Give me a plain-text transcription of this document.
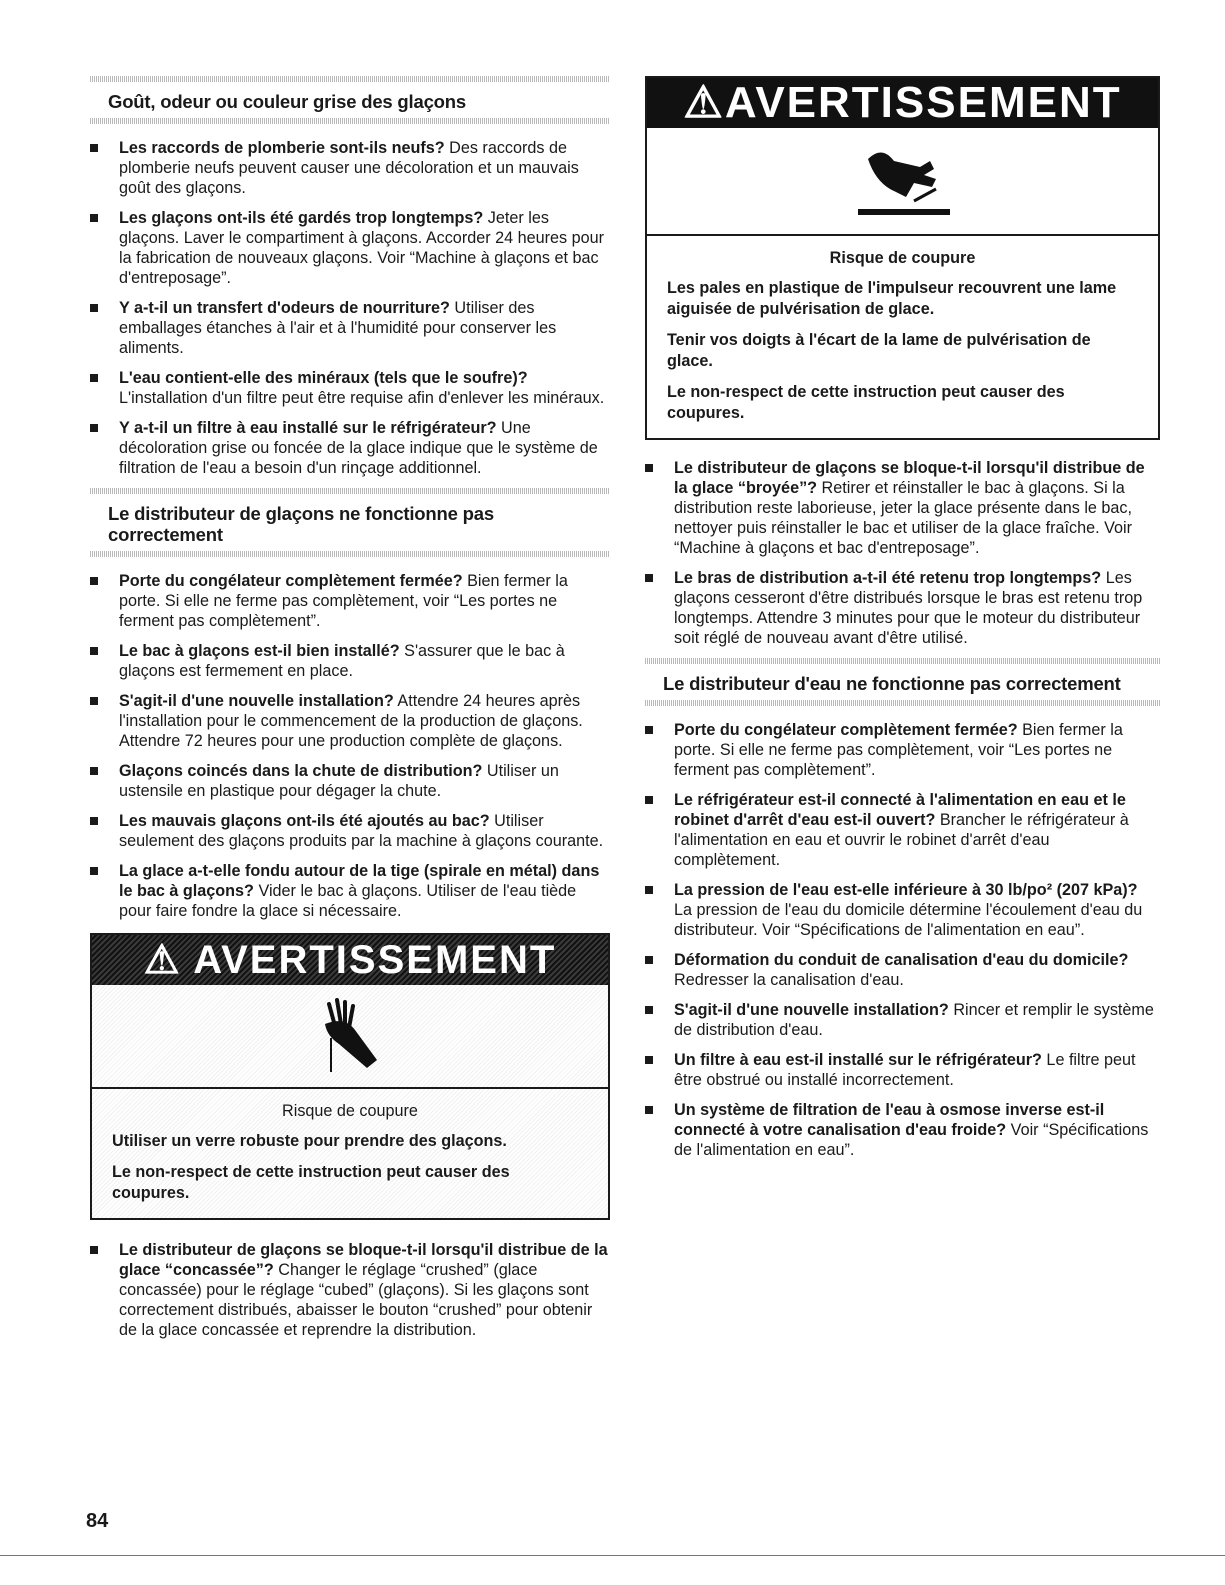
Goût, odeur ou couleur grise des glaçons
Les raccords de plomberie sont-ils neufs? Des raccords de plomberie neufs peuvent causer une décoloration et un mauvais goût des glaçons.
Les glaçons ont-ils été gardés trop longtemps? Jeter les glaçons. Laver le compartiment à glaçons. Accorder 24 heures pour la fabrication de nouveaux glaçons. Voir “Machine à glaçons et bac d'entreposage”.
Y a-t-il un transfert d'odeurs de nourriture? Utiliser des emballages étanches à l'air et à l'humidité pour conserver les aliments.
L'eau contient-elle des minéraux (tels que le soufre)? L'installation d'un filtre peut être requise afin d'enlever les minéraux.
Y a-t-il un filtre à eau installé sur le réfrigérateur? Une décoloration grise ou foncée de la glace indique que le système de filtration de l'eau a besoin d'un rinçage additionnel.
Le distributeur de glaçons ne fonctionne pas correctement
Porte du congélateur complètement fermée? Bien fermer la porte. Si elle ne ferme pas complètement, voir “Les portes ne ferment pas complètement”.
Le bac à glaçons est-il bien installé? S'assurer que le bac à glaçons est fermement en place.
S'agit-il d'une nouvelle installation? Attendre 24 heures après l'installation pour le commencement de la production de glaçons. Attendre 72 heures pour une production complète de glaçons.
Glaçons coincés dans la chute de distribution? Utiliser un ustensile en plastique pour dégager la chute.
Les mauvais glaçons ont-ils été ajoutés au bac? Utiliser seulement des glaçons produits par la machine à glaçons courante.
La glace a-t-elle fondu autour de la tige (spirale en métal) dans le bac à glaçons? Vider le bac à glaçons. Utiliser de l'eau tiède pour faire fondre la glace si nécessaire.
⚠ AVERTISSEMENT
Risque de coupure

Utiliser un verre robuste pour prendre des glaçons.

Le non-respect de cette instruction peut causer des coupures.

Le distributeur de glaçons se bloque-t-il lorsqu'il distribue de la glace “concassée”? Changer le réglage “crushed” (glace concassée) pour le réglage “cubed” (glaçons). Si les glaçons sont correctement distribués, abaisser le bouton “crushed” pour obtenir de la glace concassée et reprendre la distribution.
⚠AVERTISSEMENT
Risque de coupure

Les pales en plastique de l'impulseur recouvrent une lame aiguisée de pulvérisation de glace.

Tenir vos doigts à l'écart de la lame de pulvérisation de glace.

Le non-respect de cette instruction peut causer des coupures.

Le distributeur de glaçons se bloque-t-il lorsqu'il distribue de la glace “broyée”? Retirer et réinstaller le bac à glaçons. Si la distribution reste laborieuse, jeter la glace présente dans le bac, nettoyer puis réinstaller le bac et utiliser de la glace fraîche. Voir “Machine à glaçons et bac d'entreposage”.
Le bras de distribution a-t-il été retenu trop longtemps? Les glaçons cesseront d'être distribués lorsque le bras est retenu trop longtemps. Attendre 3 minutes pour que le moteur du distributeur soit réglé de nouveau avant d'être utilisé.
Le distributeur d'eau ne fonctionne pas correctement
Porte du congélateur complètement fermée? Bien fermer la porte. Si elle ne ferme pas complètement, voir “Les portes ne ferment pas complètement”.
Le réfrigérateur est-il connecté à l'alimentation en eau et le robinet d'arrêt d'eau est-il ouvert? Brancher le réfrigérateur à l'alimentation en eau et ouvrir le robinet d'arrêt d'eau complètement.
La pression de l'eau est-elle inférieure à 30 lb/po² (207 kPa)? La pression de l'eau du domicile détermine l'écoulement d'eau du distributeur. Voir “Spécifications de l'alimentation en eau”.
Déformation du conduit de canalisation d'eau du domicile? Redresser la canalisation d'eau.
S'agit-il d'une nouvelle installation? Rincer et remplir le système de distribution d'eau.
Un filtre à eau est-il installé sur le réfrigérateur? Le filtre peut être obstrué ou installé incorrectement.
Un système de filtration de l'eau à osmose inverse est-il connecté à votre canalisation d'eau froide? Voir “Spécifications de l'alimentation en eau”.
84
